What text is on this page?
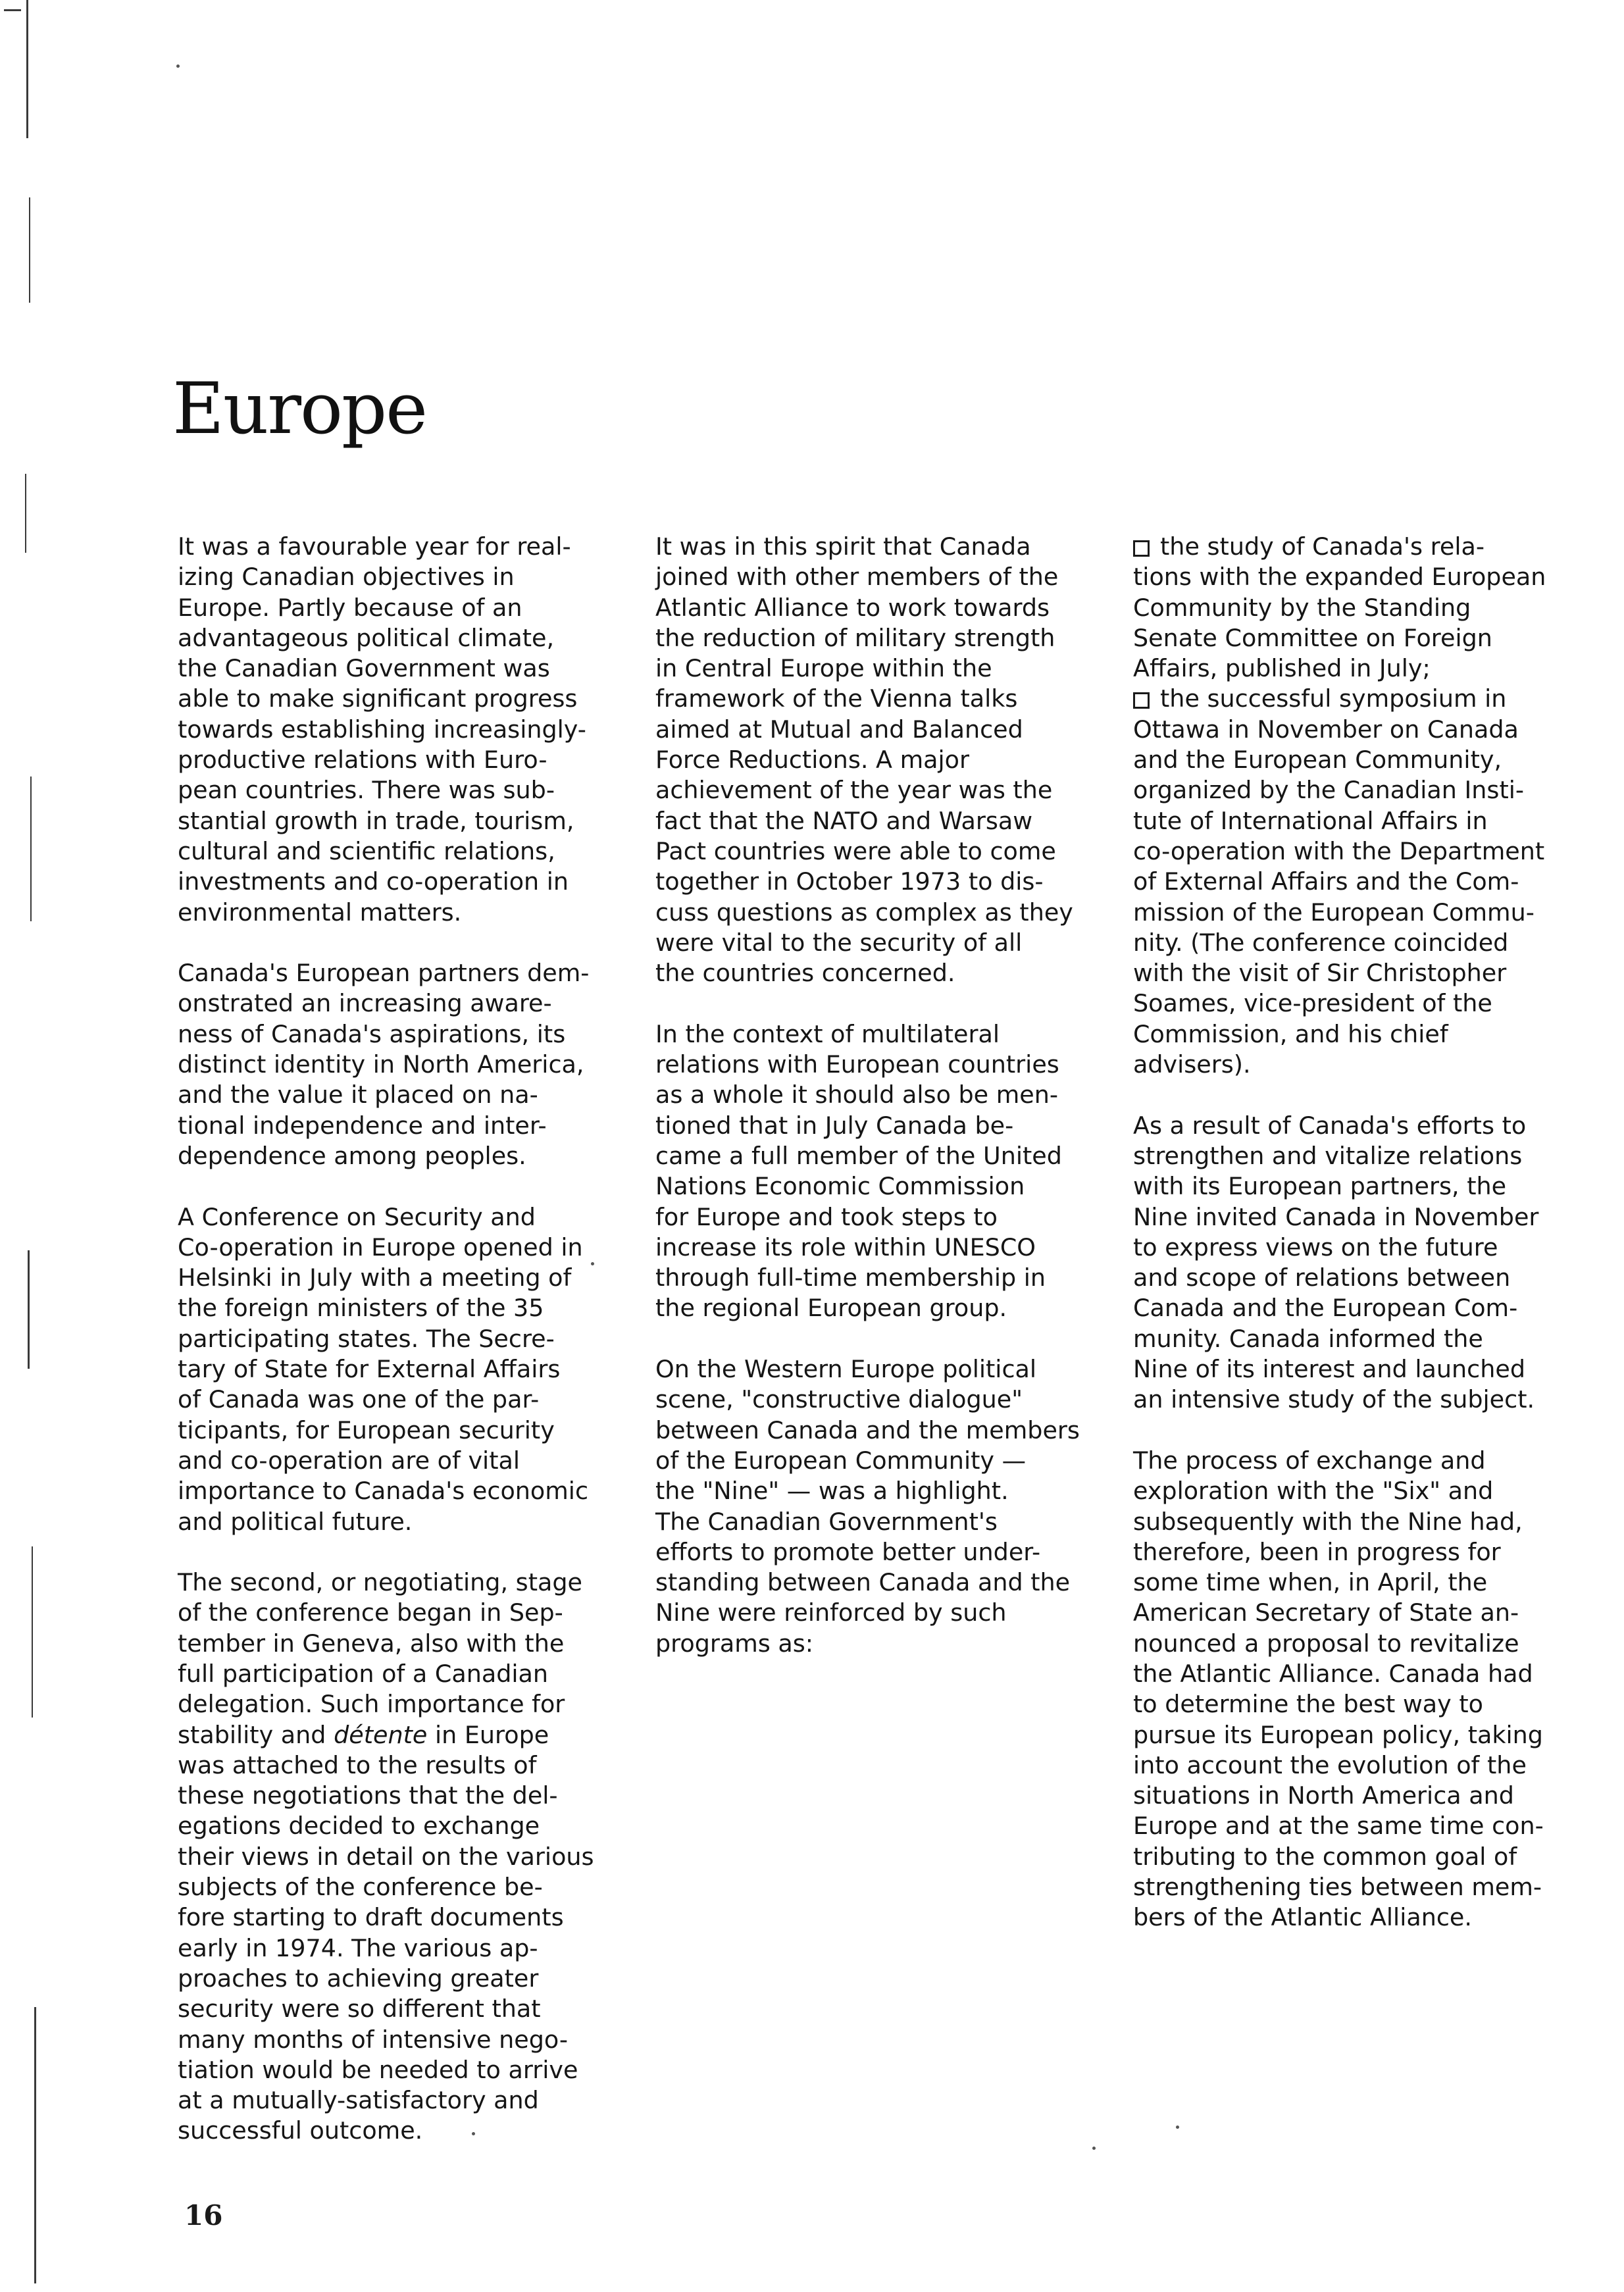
Europe

It was a favourable year for real-
izing Canadian objectives in
Europe. Partly because of an
advantageous political climate,
the Canadian Government was
able to make significant progress
towards establishing increasingly-
productive relations with Euro-
pean countries. There was sub-
stantial growth in trade, tourism,
cultural and scientific relations,
investments and co-operation in
environmental matters.

Canada's European partners dem-
onstrated an increasing aware-
ness of Canada's aspirations, its
distinct identity in North America,
and the value it placed on na-
tional independence and inter-
dependence among peoples.

A Conference on Security and
Co-operation in Europe opened in
Helsinki in July with a meeting of
the foreign ministers of the 35
participating states. The Secre-
tary of State for External Affairs
of Canada was one of the par-
ticipants, for European security
and co-operation are of vital
importance to Canada's economic
and political future.

The second, or negotiating, stage
of the conference began in Sep-
tember in Geneva, also with the
full participation of a Canadian
delegation. Such importance for
stability and détente in Europe
was attached to the results of
these negotiations that the del-
egations decided to exchange
their views in detail on the various
subjects of the conference be-
fore starting to draft documents
early in 1974. The various ap-
proaches to achieving greater
security were so different that
many months of intensive nego-
tiation would be needed to arrive
at a mutually-satisfactory and
successful outcome.

It was in this spirit that Canada
joined with other members of the
Atlantic Alliance to work towards
the reduction of military strength
in Central Europe within the
framework of the Vienna talks
aimed at Mutual and Balanced
Force Reductions. A major
achievement of the year was the
fact that the NATO and Warsaw
Pact countries were able to come
together in October 1973 to dis-
cuss questions as complex as they
were vital to the security of all
the countries concerned.

In the context of multilateral
relations with European countries
as a whole it should also be men-
tioned that in July Canada be-
came a full member of the United
Nations Economic Commission
for Europe and took steps to
increase its role within UNESCO
through full-time membership in
the regional European group.

On the Western Europe political
scene, "constructive dialogue"
between Canada and the members
of the European Community —
the "Nine" — was a highlight.
The Canadian Government's
efforts to promote better under-
standing between Canada and the
Nine were reinforced by such
programs as:

the study of Canada's rela-
tions with the expanded European
Community by the Standing
Senate Committee on Foreign
Affairs, published in July;
the successful symposium in
Ottawa in November on Canada
and the European Community,
organized by the Canadian Insti-
tute of International Affairs in
co-operation with the Department
of External Affairs and the Com-
mission of the European Commu-
nity. (The conference coincided
with the visit of Sir Christopher
Soames, vice-president of the
Commission, and his chief
advisers).

As a result of Canada's efforts to
strengthen and vitalize relations
with its European partners, the
Nine invited Canada in November
to express views on the future
and scope of relations between
Canada and the European Com-
munity. Canada informed the
Nine of its interest and launched
an intensive study of the subject.

The process of exchange and
exploration with the "Six" and
subsequently with the Nine had,
therefore, been in progress for
some time when, in April, the
American Secretary of State an-
nounced a proposal to revitalize
the Atlantic Alliance. Canada had
to determine the best way to
pursue its European policy, taking
into account the evolution of the
situations in North America and
Europe and at the same time con-
tributing to the common goal of
strengthening ties between mem-
bers of the Atlantic Alliance.

16
